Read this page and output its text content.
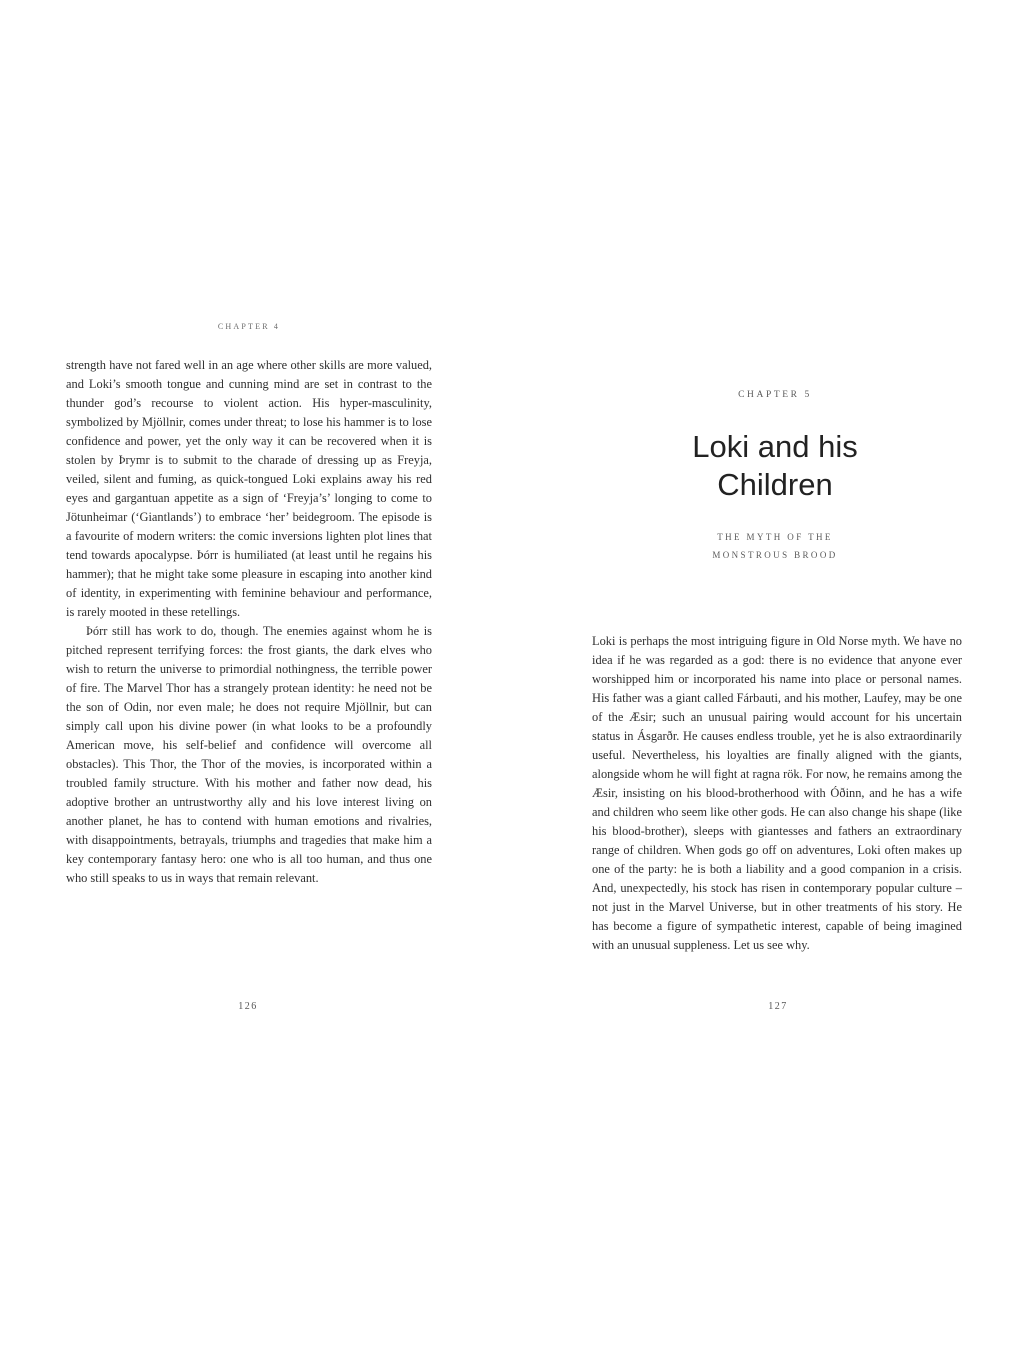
CHAPTER 4

strength have not fared well in an age where other skills are more valued, and Loki’s smooth tongue and cunning mind are set in contrast to the thunder god’s recourse to violent action. His hyper-masculinity, symbolized by Mjöllnir, comes under threat; to lose his hammer is to lose confidence and power, yet the only way it can be recovered when it is stolen by Þrymr is to submit to the charade of dressing up as Freyja, veiled, silent and fuming, as quick-tongued Loki explains away his red eyes and gargantuan appetite as a sign of ‘Freyja’s’ longing to come to Jötunheimar (‘Giantlands’) to embrace ‘her’ beidegroom. The episode is a favourite of modern writers: the comic inversions lighten plot lines that tend towards apocalypse. Þórr is humiliated (at least until he regains his hammer); that he might take some pleasure in escaping into another kind of identity, in experimenting with feminine behaviour and performance, is rarely mooted in these retellings.

Þórr still has work to do, though. The enemies against whom he is pitched represent terrifying forces: the frost giants, the dark elves who wish to return the universe to primordial nothingness, the terrible power of fire. The Marvel Thor has a strangely protean identity: he need not be the son of Odin, nor even male; he does not require Mjöllnir, but can simply call upon his divine power (in what looks to be a profoundly American move, his self-belief and confidence will overcome all obstacles). This Thor, the Thor of the movies, is incorporated within a troubled family structure. With his mother and father now dead, his adoptive brother an untrustworthy ally and his love interest living on another planet, he has to contend with human emotions and rivalries, with disappointments, betrayals, triumphs and tragedies that make him a key contemporary fantasy hero: one who is all too human, and thus one who still speaks to us in ways that remain relevant.

126
CHAPTER 5
Loki and his
Children
THE MYTH OF THE
MONSTROUS BROOD

Loki is perhaps the most intriguing figure in Old Norse myth. We have no idea if he was regarded as a god: there is no evidence that anyone ever worshipped him or incorporated his name into place or personal names. His father was a giant called Fárbauti, and his mother, Laufey, may be one of the Æsir; such an unusual pairing would account for his uncertain status in Ásgarðr. He causes endless trouble, yet he is also extraordinarily useful. Nevertheless, his loyalties are finally aligned with the giants, alongside whom he will fight at ragna rök. For now, he remains among the Æsir, insisting on his blood-brotherhood with Óðinn, and he has a wife and children who seem like other gods. He can also change his shape (like his blood-brother), sleeps with giantesses and fathers an extraordinary range of children. When gods go off on adventures, Loki often makes up one of the party: he is both a liability and a good companion in a crisis. And, unexpectedly, his stock has risen in contemporary popular culture – not just in the Marvel Universe, but in other treatments of his story. He has become a figure of sympathetic interest, capable of being imagined with an unusual suppleness. Let us see why.

127
